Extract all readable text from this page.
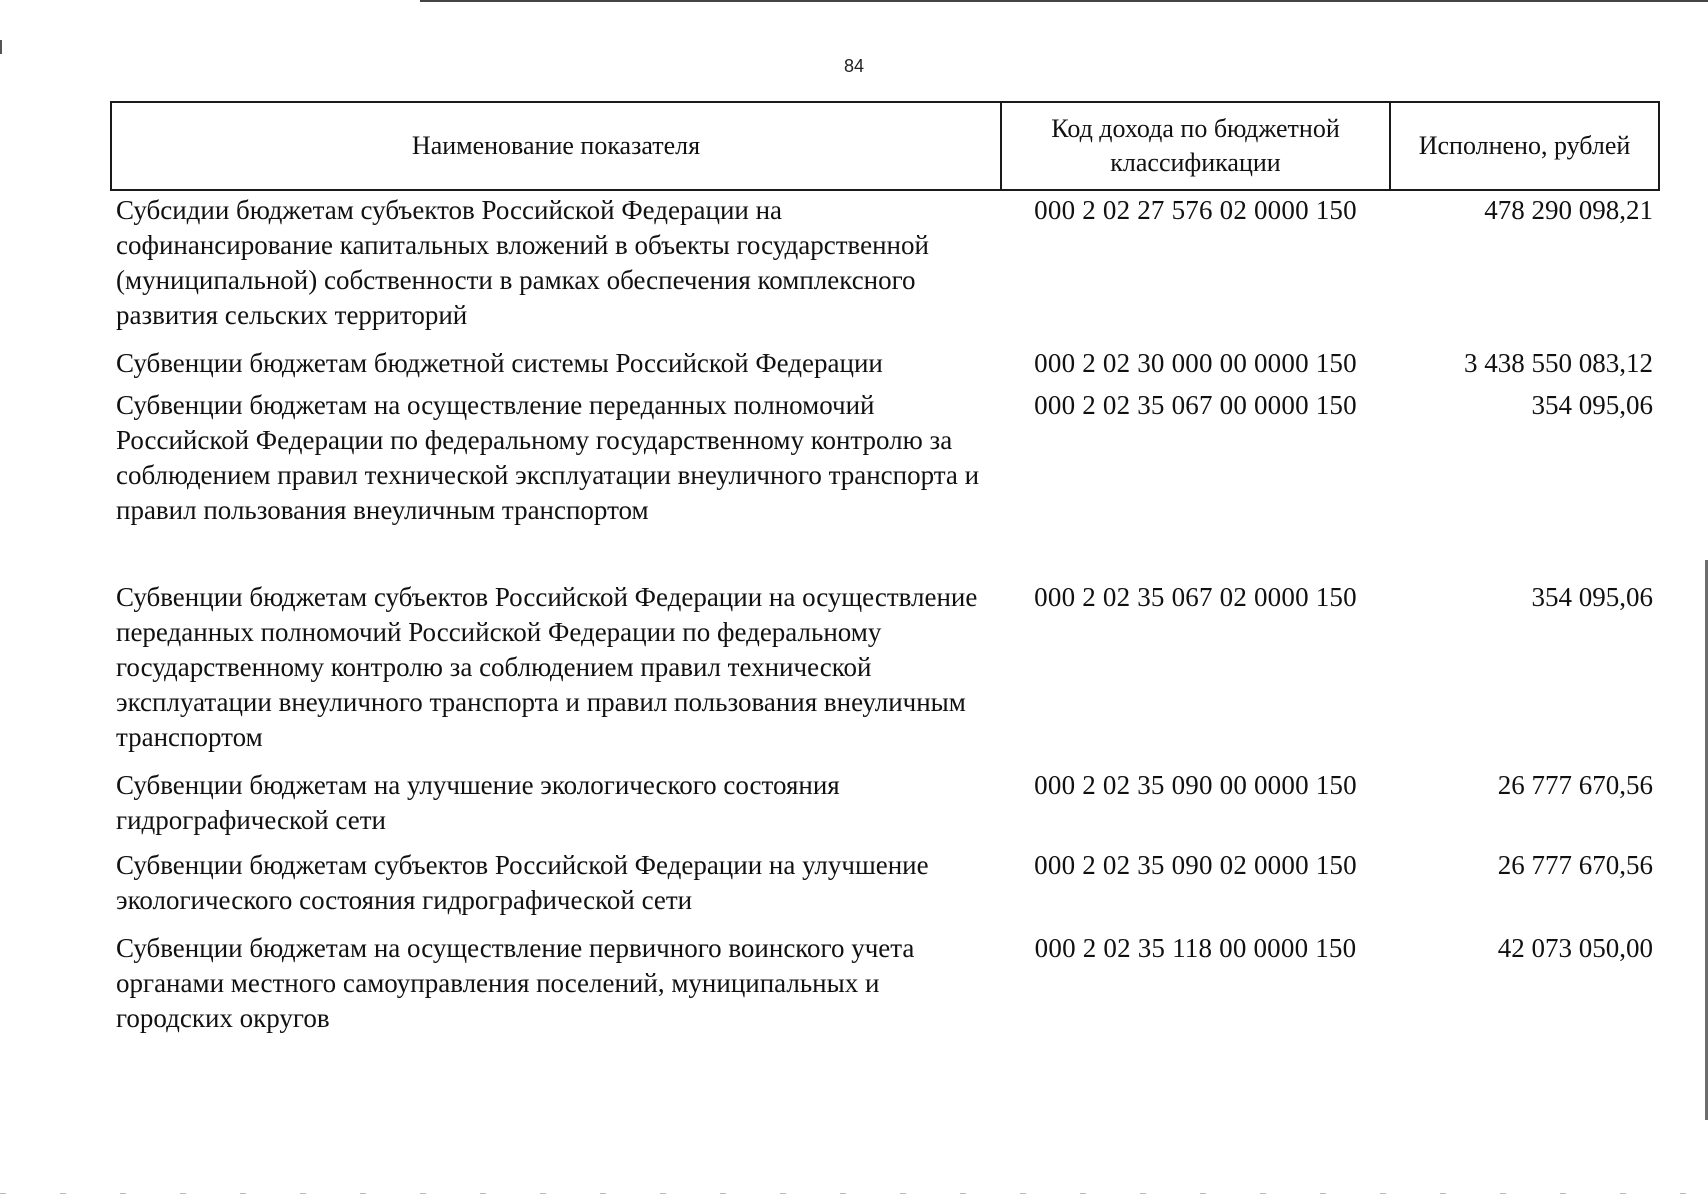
84
Наименование показателя	Код дохода по бюджетной классификации	Исполнено, рублей
Субсидии бюджетам субъектов Российской Федерации на софинансирование капитальных вложений в объекты государственной (муниципальной) собственности в рамках обеспечения комплексного развития сельских территорий	000 2 02 27 576 02 0000 150	478 290 098,21
Субвенции бюджетам бюджетной системы Российской Федерации	000 2 02 30 000 00 0000 150	3 438 550 083,12
Субвенции бюджетам на осуществление переданных полномочий Российской Федерации по федеральному государственному контролю за соблюдением правил технической эксплуатации внеуличного транспорта и правил пользования внеуличным транспортом	000 2 02 35 067 00 0000 150	354 095,06
Субвенции бюджетам субъектов Российской Федерации на осуществление переданных полномочий Российской Федерации по федеральному государственному контролю за соблюдением правил технической эксплуатации внеуличного транспорта и правил пользования внеуличным транспортом	000 2 02 35 067 02 0000 150	354 095,06
Субвенции бюджетам на улучшение экологического состояния гидрографической сети	000 2 02 35 090 00 0000 150	26 777 670,56
Субвенции бюджетам субъектов Российской Федерации на улучшение экологического состояния гидрографической сети	000 2 02 35 090 02 0000 150	26 777 670,56
Субвенции бюджетам на осуществление первичного воинского учета органами местного самоуправления поселений, муниципальных и городских округов	000 2 02 35 118 00 0000 150	42 073 050,00
